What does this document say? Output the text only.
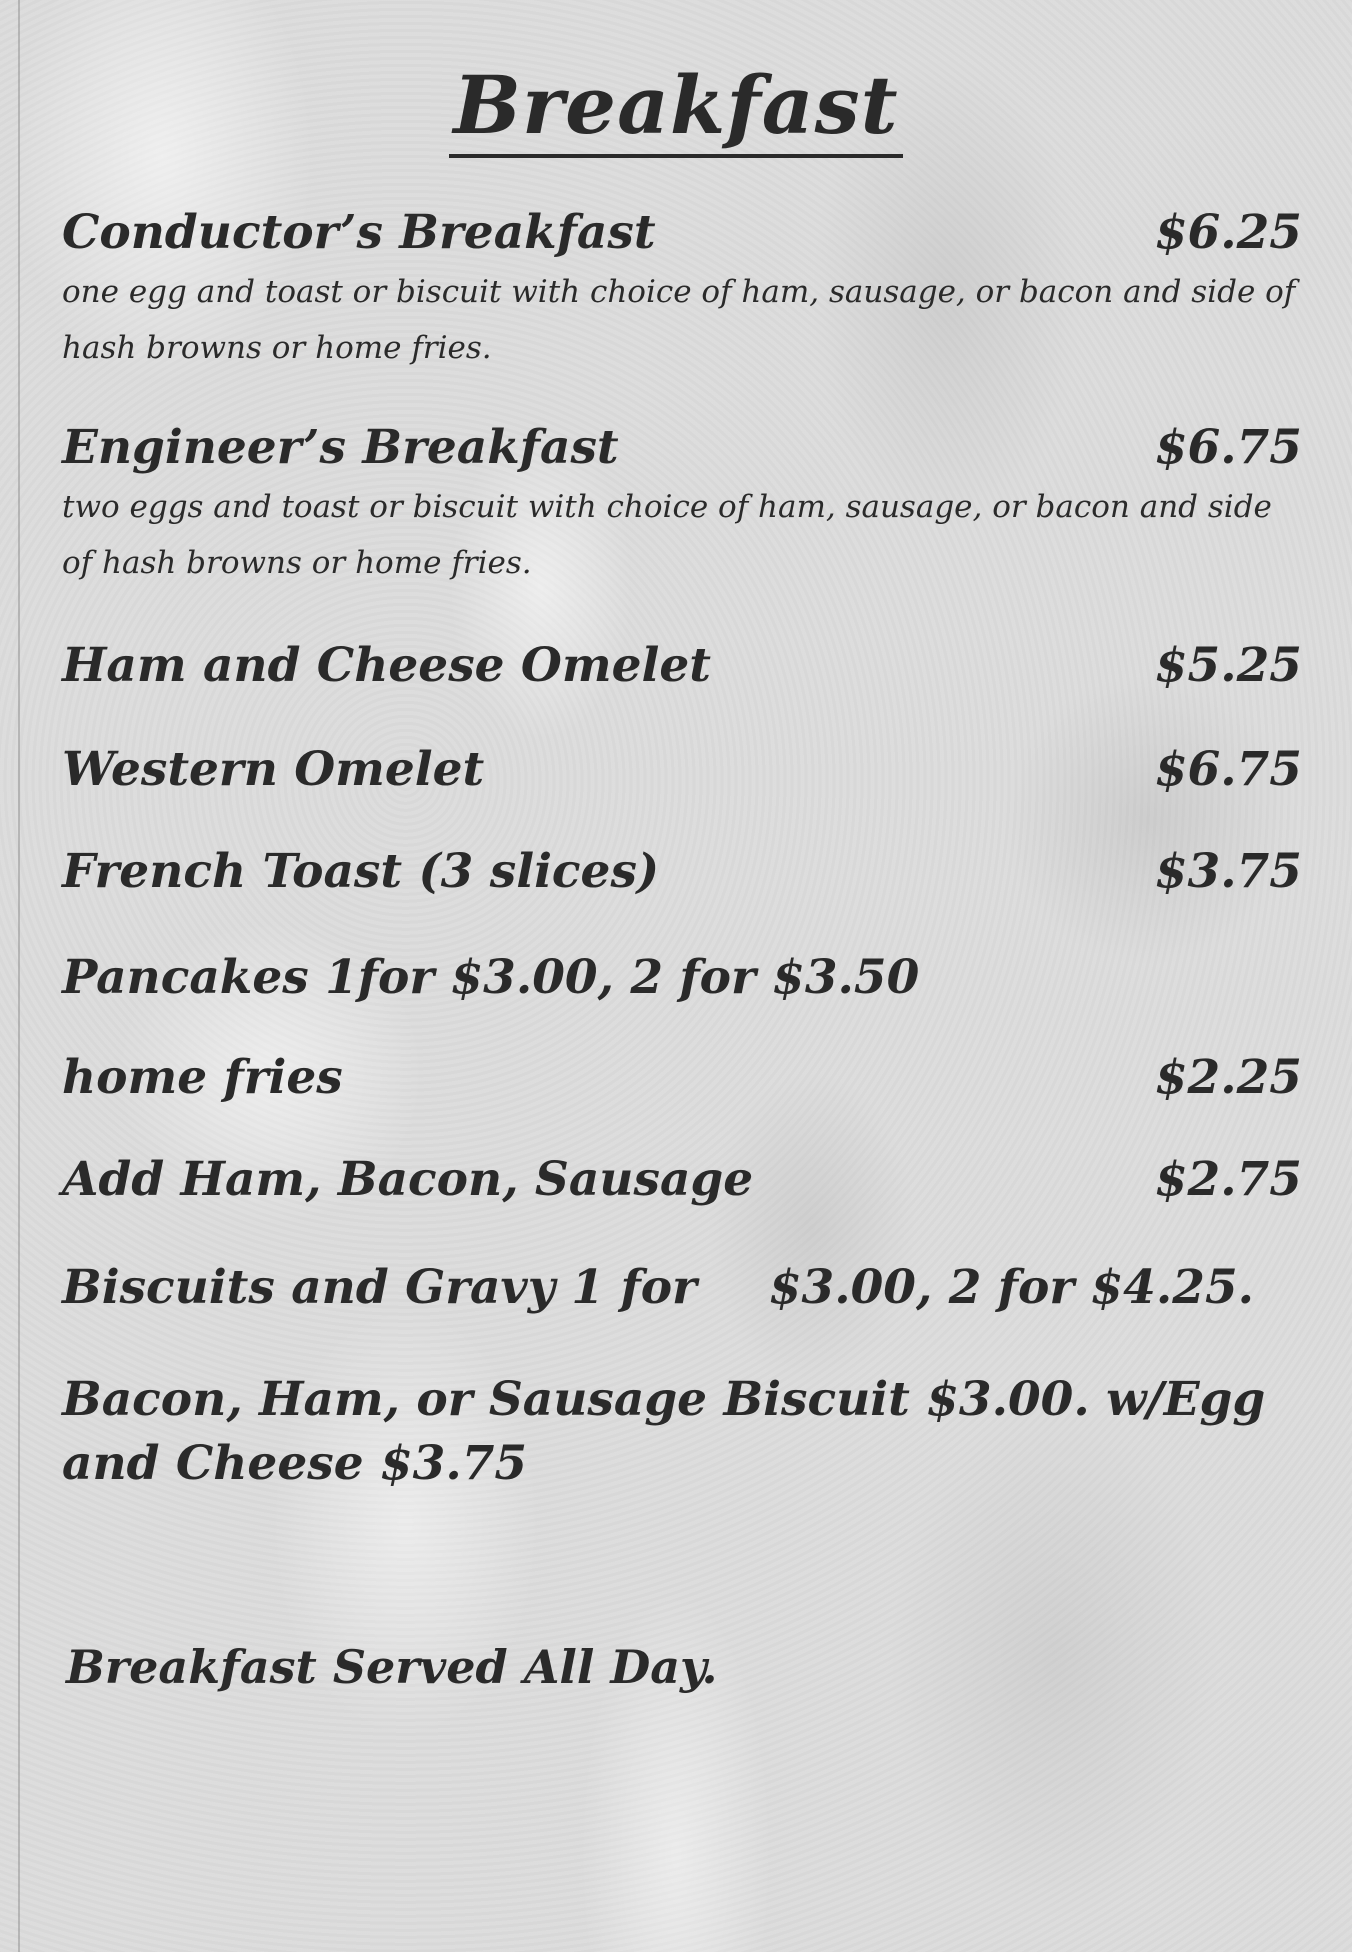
Breakfast
Conductor’s Breakfast	$6.25
one egg and toast or biscuit with choice of ham, sausage, or bacon and side of hash browns or home fries.
Engineer’s Breakfast	$6.75
two eggs and toast or biscuit with choice of ham, sausage, or bacon and side of hash browns or home fries.
Ham and Cheese Omelet	$5.25
Western Omelet	$6.75
French Toast (3 slices)	$3.75
Pancakes 1for $3.00, 2 for $3.50
home fries	$2.25
Add Ham, Bacon, Sausage	$2.75
Biscuits and Gravy 1 for $3.00, 2 for $4.25.
Bacon, Ham, or Sausage Biscuit $3.00. w/Egg and Cheese $3.75
Breakfast Served All Day.
